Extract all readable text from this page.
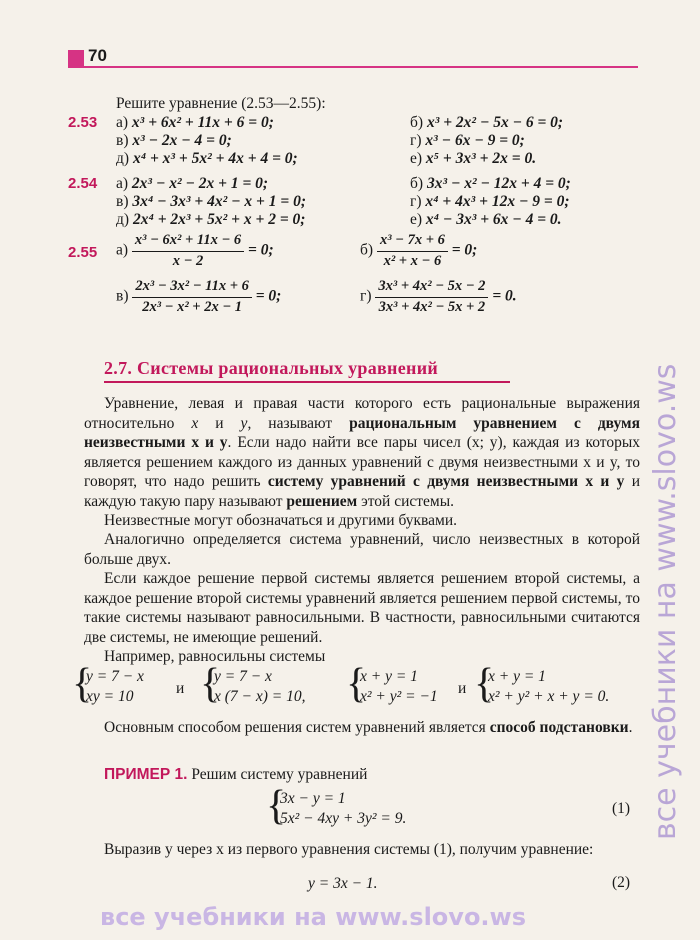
70
Решите уравнение (2.53—2.55):
2.53 а) x³ + 6x² + 11x + 6 = 0;	б) x³ + 2x² − 5x − 6 = 0;
в) x³ − 2x − 4 = 0;	г) x³ − 6x − 9 = 0;
д) x⁴ + x³ + 5x² + 4x + 4 = 0;	е) x⁵ + 3x³ + 2x = 0.
2.54 а) 2x³ − x² − 2x + 1 = 0;	б) 3x³ − x² − 12x + 4 = 0;
в) 3x⁴ − 3x³ + 4x² − x + 1 = 0;	г) x⁴ + 4x³ + 12x − 9 = 0;
д) 2x⁴ + 2x³ + 5x² + x + 2 = 0;	е) x⁴ − 3x³ + 6x − 4 = 0.
2.55 $а) \frac{\text{x³ − 6x² + 11x − 6}}{x - 2} = 0$;	$б) \frac{\text{x³ − 7x + 6}}{\text{x² + x − 6}} = 0$;
$в) \frac{\text{2x³ − 3x² − 11x + 6}}{\text{2x³ − x² + 2x − 1}} = 0$;	$г) \frac{\text{3x³ + 4x² − 5x − 2}}{\text{3x³ + 4x² − 5x + 2}} = 0$.
2.7. Системы рациональных уравнений
Уравнение, левая и правая части которого есть рациональные выражения относительно x и y, называют рациональным уравнением с двумя неизвестными x и y. Если надо найти все пары чисел (x; y), каждая из которых является решением каждого из данных уравнений с двумя неизвестными x и y, то говорят, что надо решить систему уравнений с двумя неизвестными x и y и каждую такую пару называют решением этой системы.
Неизвестные могут обозначаться и другими буквами.
Аналогично определяется система уравнений, число неизвестных в которой больше двух.
Если каждое решение первой системы является решением второй системы, а каждое решение второй системы уравнений является решением первой системы, то такие системы называют равносильными. В частности, равносильными считаются две системы, не имеющие решений.
Например, равносильны системы
{
y = 7 − x
xy = 10	и {
y = 7 − x
x (7 − x) = 10, {
x + y = 1
x² + y² = −1 и {
x + y = 1
x² + y² + x + y = 0.
Основным способом решения систем уравнений является способ подстановки.
ПРИМЕР 1. Решим систему уравнений
{
3x − y = 1
5x² − 4xy + 3y² = 9.
(1)
Выразив y через x из первого уравнения системы (1), получим уравнение:
y = 3x − 1.	(2)
все учебники на www.slovo.ws
все учебники на www.slovo.ws
